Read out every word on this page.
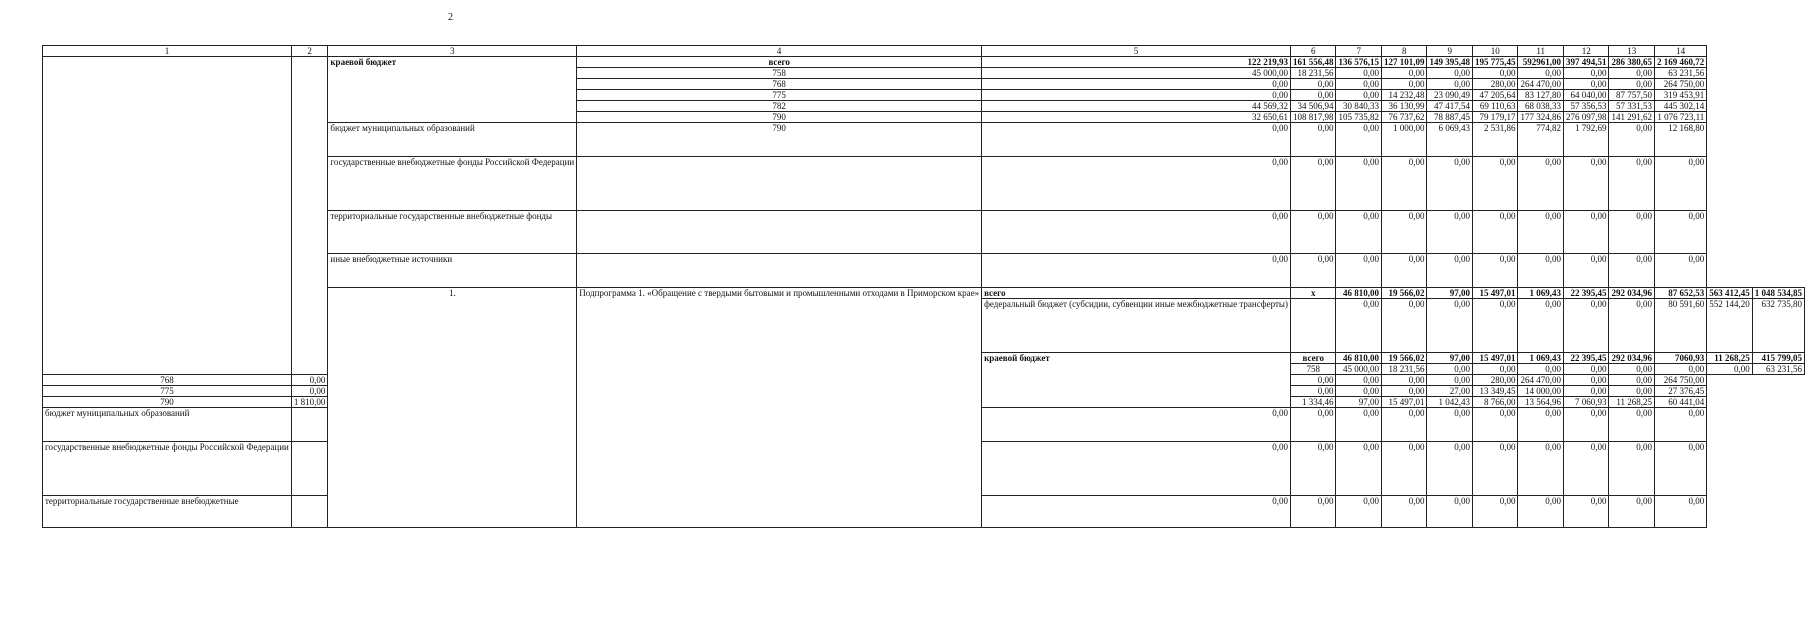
2
1	2	3	4	5	6	7	8	9	10	11	12	13	14		
		краевой бюджет	всего	122 219,93	161 556,48	136 576,15	127 101,09	149 395,48	195 775,45	592961,00	397 494,51	286 380,65	2 169 460,72		
			758	45 000,00	18 231,56	0,00	0,00	0,00	0,00	0,00	0,00	0,00	63 231,56		
			768	0,00	0,00	0,00	0,00	0,00	280,00	264 470,00	0,00	0,00	264 750,00		
			775	0,00	0,00	0,00	14 232,48	23 090,49	47 205,64	83 127,80	64 040,00	87 757,50	319 453,91		
			782	44 569,32	34 506,94	30 840,33	36 130,99	47 417,54	69 110,63	68 038,33	57 356,53	57 331,53	445 302,14		
			790	32 650,61	108 817,98	105 735,82	76 737,62	78 887,45	79 179,17	177 324,86	276 097,98	141 291,62	1 076 723,11		
		бюджет муниципальных образований	790	0,00	0,00	0,00	1 000,00	6 069,43	2 531,86	774,82	1 792,69	0,00	12 168,80		
		государственные внебюджетные фонды Российской Федерации		0,00	0,00	0,00	0,00	0,00	0,00	0,00	0,00	0,00	0,00		
		территориальные государственные внебюджетные фонды		0,00	0,00	0,00	0,00	0,00	0,00	0,00	0,00	0,00	0,00		
		иные внебюджетные источники		0,00	0,00	0,00	0,00	0,00	0,00	0,00	0,00	0,00	0,00		
		1.	Подпрограмма 1. «Обращение с твердыми бытовыми и промышленными отходами в Приморском крае»	всего	x	46 810,00	19 566,02	97,00	15 497,01	1 069,43	22 395,45	292 034,96	87 652,53	563 412,45	1 048 534,85
				федеральный бюджет (субсидии, субвенции иные межбюджетные трансферты)		0,00	0,00	0,00	0,00	0,00	0,00	0,00	80 591,60	552 144,20	632 735,80
				краевой бюджет	всего	46 810,00	19 566,02	97,00	15 497,01	1 069,43	22 395,45	292 034,96	7060,93	11 268,25	415 799,05
					758	45 000,00	18 231,56	0,00	0,00	0,00	0,00	0,00	0,00	0,00	63 231,56
768	0,00				0,00	0,00	0,00	0,00	280,00	264 470,00	0,00	0,00	264 750,00		
775	0,00				0,00	0,00	0,00	27,00	13 349,45	14 000,00	0,00	0,00	27 376,45		
790	1 810,00				1 334,46	97,00	15 497,01	1 042,43	8 766,00	13 564,96	7 060,93	11 268,25	60 441,04		
бюджет муниципальных образований				0,00	0,00	0,00	0,00	0,00	0,00	0,00	0,00	0,00	0,00		
государственные внебюджетные фонды Российской Федерации				0,00	0,00	0,00	0,00	0,00	0,00	0,00	0,00	0,00	0,00		
территориальные государственные внебюджетные				0,00	0,00	0,00	0,00	0,00	0,00	0,00	0,00	0,00	0,00		
